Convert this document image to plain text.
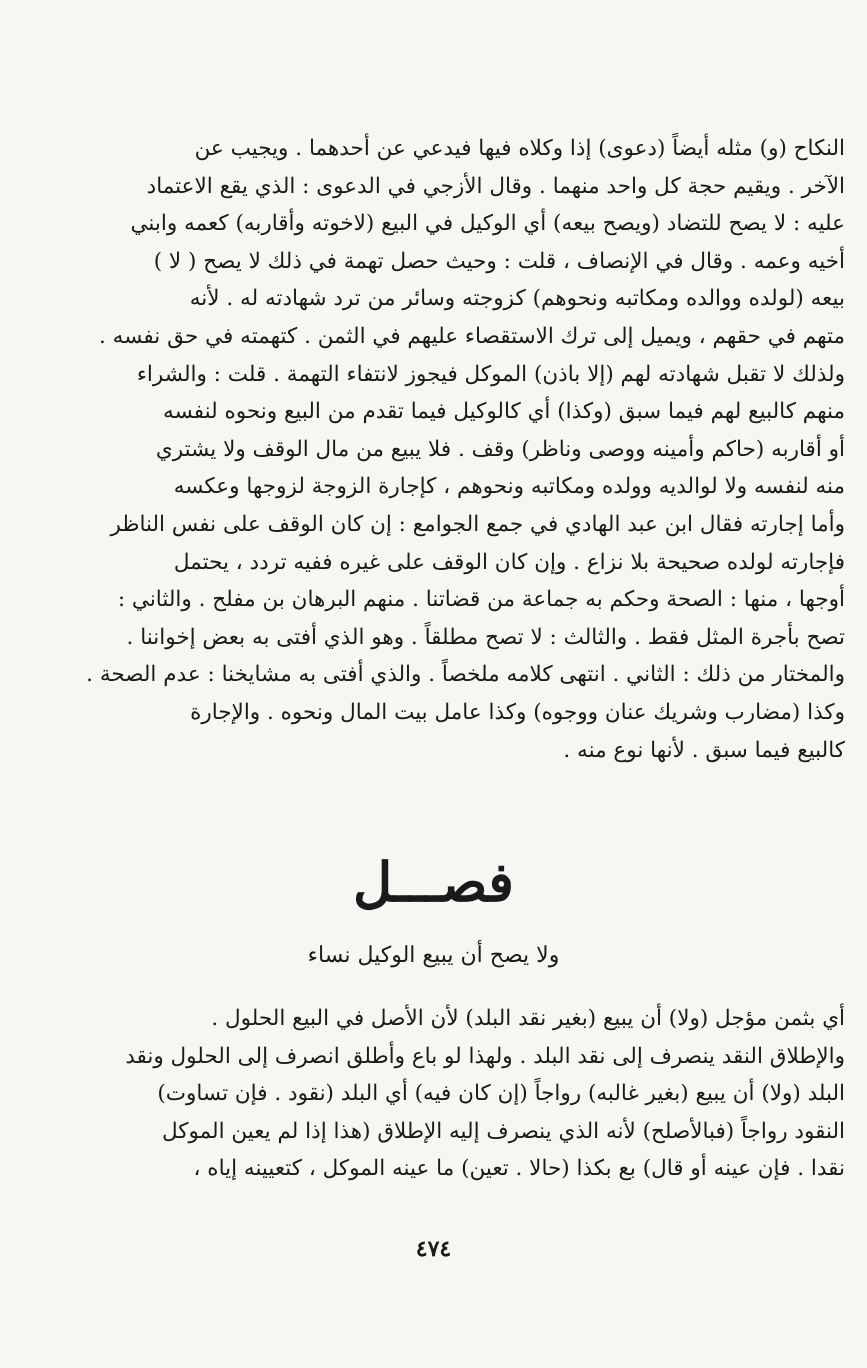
النكاح (و) مثله أيضاً (دعوى) إذا وكلاه فيها فيدعي عن أحدهما . ويجيب عن
الآخر . ويقيم حجة كل واحد منهما . وقال الأزجي في الدعوى : الذي يقع الاعتماد
عليه : لا يصح للتضاد (ويصح بيعه) أي الوكيل في البيع (لاخوته وأقاربه) كعمه وابني
أخيه وعمه . وقال في الإنصاف ، قلت : وحيث حصل تهمة في ذلك لا يصح ( لا )
بيعه (لولده ووالده ومكاتبه ونحوهم) كزوجته وسائر من ترد شهادته له . لأنه
متهم في حقهم ، ويميل إلى ترك الاستقصاء عليهم في الثمن . كتهمته في حق نفسه .
ولذلك لا تقبل شهادته لهم (إلا باذن) الموكل فيجوز لانتفاء التهمة . قلت : والشراء
منهم كالبيع لهم فيما سبق (وكذا) أي كالوكيل فيما تقدم من البيع ونحوه لنفسه
أو أقاربه (حاكم وأمينه ووصى وناظر) وقف . فلا يبيع من مال الوقف ولا يشتري
منه لنفسه ولا لوالديه وولده ومكاتبه ونحوهم ، كإجارة الزوجة لزوجها وعكسه
وأما إجارته فقال ابن عبد الهادي في جمع الجوامع : إن كان الوقف على نفس الناظر
فإجارته لولده صحيحة بلا نزاع . وإن كان الوقف على غيره ففيه تردد ، يحتمل
أوجها ، منها : الصحة وحكم به جماعة من قضاتنا . منهم البرهان بن مفلح . والثاني :
تصح بأجرة المثل فقط . والثالث : لا تصح مطلقاً . وهو الذي أفتى به بعض إخواننا .
والمختار من ذلك : الثاني . انتهى كلامه ملخصاً . والذي أفتى به مشايخنا : عدم الصحة .
وكذا (مضارب وشريك عنان ووجوه) وكذا عامل بيت المال ونحوه . والإجارة
كالبيع فيما سبق . لأنها نوع منه .
فصـــل
ولا يصح أن يبيع الوكيل نساء
أي بثمن مؤجل (ولا) أن يبيع (بغير نقد البلد) لأن الأصل في البيع الحلول .
والإطلاق النقد ينصرف إلى نقد البلد . ولهذا لو باع وأطلق انصرف إلى الحلول ونقد
البلد (ولا) أن يبيع (بغير غالبه) رواجاً (إن كان فيه) أي البلد (نقود . فإن تساوت)
النقود رواجاً (فبالأصلح) لأنه الذي ينصرف إليه الإطلاق (هذا إذا لم يعين الموكل
نقدا . فإن عينه أو قال) بع بكذا (حالا . تعين) ما عينه الموكل ، كتعيينه إياه ،
٤٧٤
